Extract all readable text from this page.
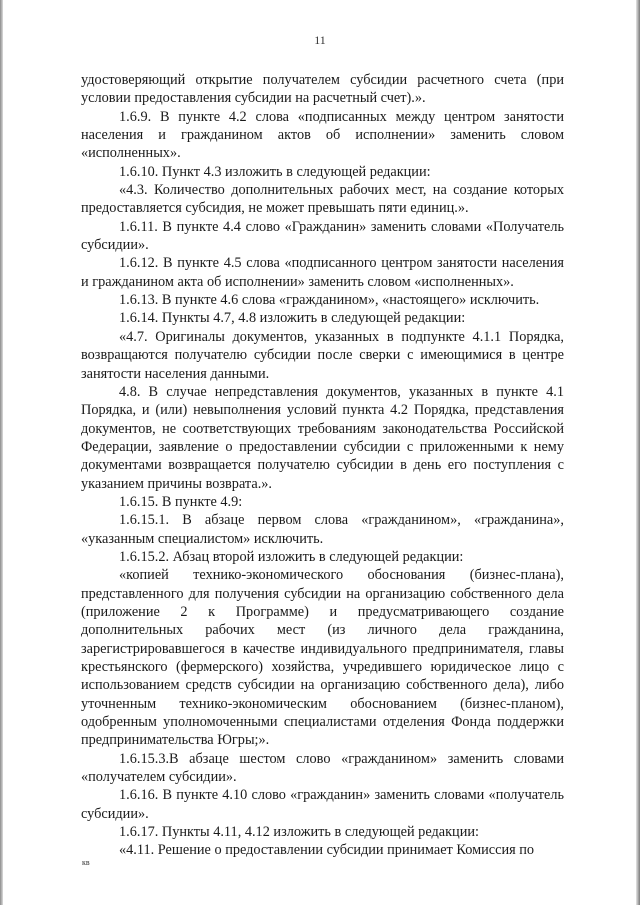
11

удостоверяющий открытие получателем субсидии расчетного счета (при условии предоставления субсидии на расчетный счет).».

1.6.9. В пункте 4.2 слова «подписанных между центром занятости населения и гражданином актов об исполнении» заменить словом «исполненных».

1.6.10. Пункт 4.3 изложить в следующей редакции:

«4.3. Количество дополнительных рабочих мест, на создание которых предоставляется субсидия, не может превышать пяти единиц.».

1.6.11. В пункте 4.4 слово «Гражданин» заменить словами «Получатель субсидии».

1.6.12. В пункте 4.5 слова «подписанного центром занятости населения и гражданином акта об исполнении» заменить словом «исполненных».

1.6.13. В пункте 4.6 слова «гражданином», «настоящего» исключить.

1.6.14. Пункты 4.7, 4.8 изложить в следующей редакции:

«4.7. Оригиналы документов, указанных в подпункте 4.1.1 Порядка, возвращаются получателю субсидии после сверки с имеющимися в центре занятости населения данными.

4.8. В случае непредставления документов, указанных в пункте 4.1 Порядка, и (или) невыполнения условий пункта 4.2 Порядка, представления документов, не соответствующих требованиям законодательства Российской Федерации, заявление о предоставлении субсидии с приложенными к нему документами возвращается получателю субсидии в день его поступления с указанием причины возврата.».

1.6.15. В пункте 4.9:

1.6.15.1. В абзаце первом слова «гражданином», «гражданина», «указанным специалистом» исключить.

1.6.15.2. Абзац второй изложить в следующей редакции:

«копией технико-экономического обоснования (бизнес-плана), представленного для получения субсидии на организацию собственного дела (приложение 2 к Программе) и предусматривающего создание дополнительных рабочих мест (из личного дела гражданина, зарегистрировавшегося в качестве индивидуального предпринимателя, главы крестьянского (фермерского) хозяйства, учредившего юридическое лицо с использованием средств субсидии на организацию собственного дела), либо уточненным технико-экономическим обоснованием (бизнес-планом), одобренным уполномоченными специалистами отделения Фонда поддержки предпринимательства Югры;».

1.6.15.3.В абзаце шестом слово «гражданином» заменить словами «получателем субсидии».

1.6.16. В пункте 4.10 слово «гражданин» заменить словами «получатель субсидии».

1.6.17. Пункты 4.11, 4.12 изложить в следующей редакции:

«4.11. Решение о предоставлении субсидии принимает Комиссия по

кв
